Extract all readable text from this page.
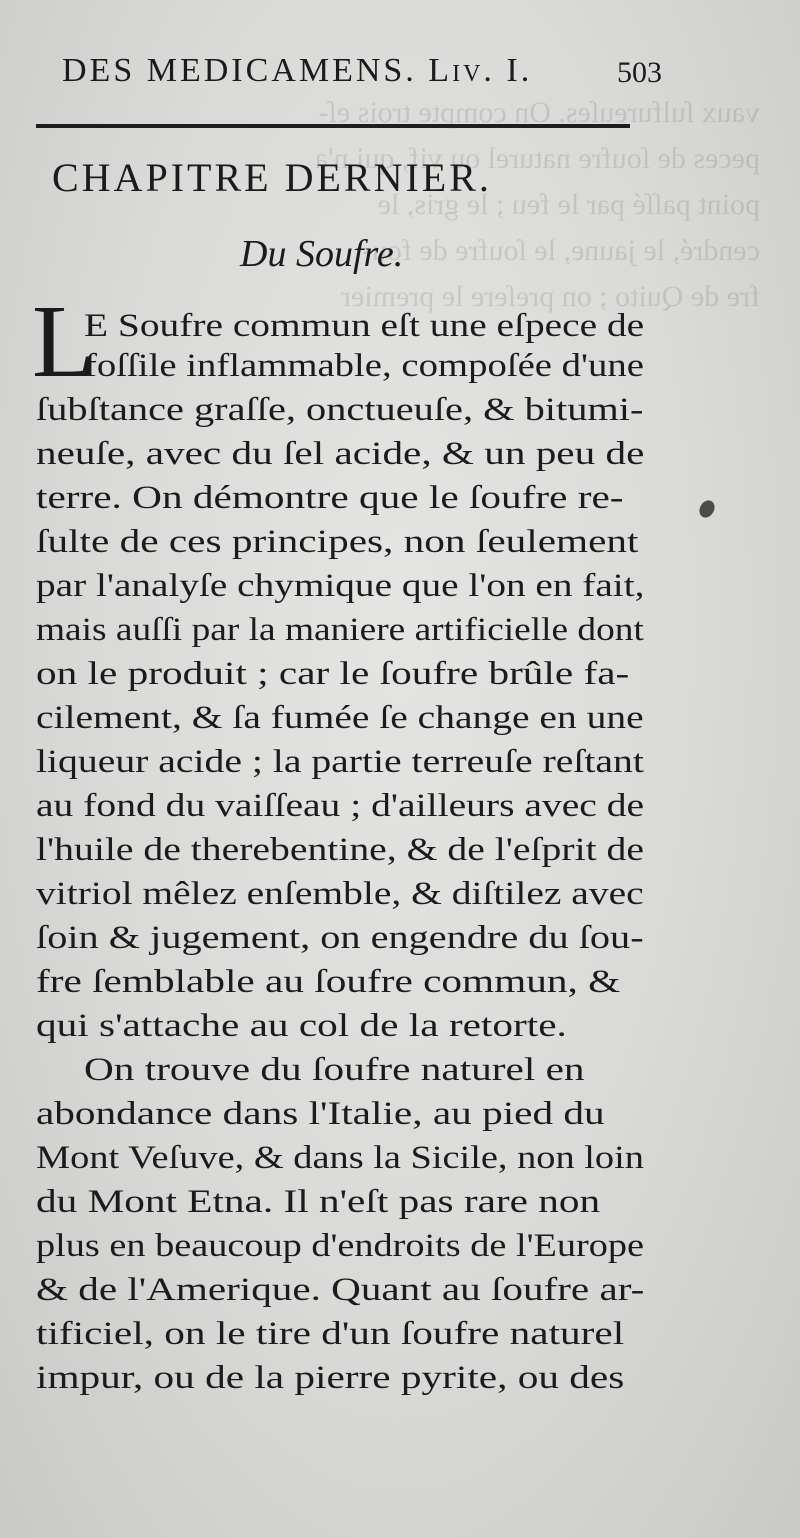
vaux ſulfureuſes. On compte trois eſ-
peces de ſoufre naturel ou vif, qui n'a
point paſſé par le feu ; le gris, le
cendré, le jaune, le ſoufre de fou-
fre de Quito ; on preſere le premier
DES MEDICAMENS. Liv. I.	503
CHAPITRE DERNIER.
Du Soufre.
L
E Soufre commun eſt une eſpece de
foſſile inflammable, compoſée d'une
ſubſtance graſſe, onctueuſe, & bitumi-
neuſe, avec du ſel acide, & un peu de
terre. On démontre que le ſoufre re-
ſulte de ces principes, non ſeulement
par l'analyſe chymique que l'on en fait,
mais auſſi par la maniere artificielle dont
on le produit ; car le ſoufre brûle fa-
cilement, & ſa fumée ſe change en une
liqueur acide ; la partie terreuſe reſtant
au fond du vaiſſeau ; d'ailleurs avec de
l'huile de therebentine, & de l'eſprit de
vitriol mêlez enſemble, & diſtilez avec
ſoin & jugement, on engendre du ſou-
fre ſemblable au ſoufre commun, &
qui s'attache au col de la retorte.
On trouve du ſoufre naturel en
abondance dans l'Italie, au pied du
Mont Veſuve, & dans la Sicile, non loin
du Mont Etna. Il n'eſt pas rare non
plus en beaucoup d'endroits de l'Europe
& de l'Amerique. Quant au ſoufre ar-
tificiel, on le tire d'un ſoufre naturel
impur, ou de la pierre pyrite, ou des
